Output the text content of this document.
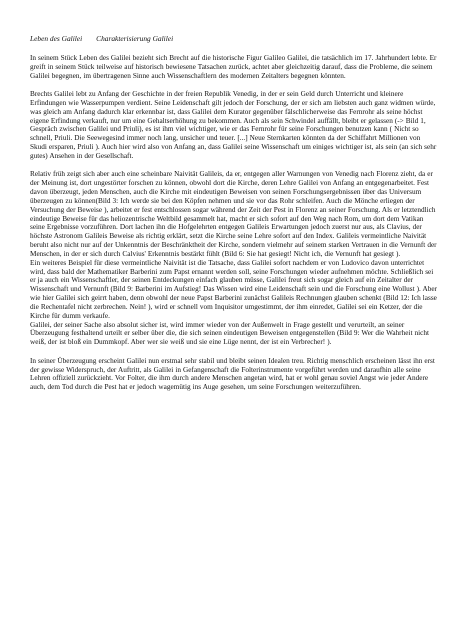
Leben des Galilei Charakterisierung Galilei

In seinem Stück Leben des Galilei bezieht sich Brecht auf die historische Figur Galileo Galilei, die tatsächlich im 17. Jahrhundert lebte. Er greift in seinem Stück teilweise auf historisch bewiesene Tatsachen zurück, achtet aber gleichzeitig darauf, dass die Probleme, die seinem Galilei begegnen, im übertragenen Sinne auch Wissenschaftlern des modernen Zeitalters begegnen könnten.

Brechts Galilei lebt zu Anfang der Geschichte in der freien Republik Venedig, in der er sein Geld durch Unterricht und kleinere Erfindungen wie Wasserpumpen verdient. Seine Leidenschaft gilt jedoch der Forschung, der er sich am liebsten auch ganz widmen würde, was gleich am Anfang dadurch klar erkennbar ist, dass Galilei dem Kurator gegenüber fälschlicherweise das Fernrohr als seine höchst eigene Erfindung verkauft, nur um eine Gehaltserhöhung zu bekommen. Auch als sein Schwindel auffällt, bleibt er gelassen (-> Bild 1, Gespräch zwischen Galilei und Priuli), es ist ihm viel wichtiger, wie er das Fernrohr für seine Forschungen benutzen kann ( Nicht so schnell, Priuli. Die Seewegesind immer noch lang, unsicher und teuer. [...] Neue Sternkarten könnten da der Schiffahrt Millionen von Skudi ersparen, Priuli ). Auch hier wird also von Anfang an, dass Galilei seine Wissenschaft um einiges wichtiger ist, als sein (an sich sehr gutes) Ansehen in der Gesellschaft.

Relativ früh zeigt sich aber auch eine scheinbare Naivität Galileis, da er, entgegen aller Warnungen von Venedig nach Florenz zieht, da er der Meinung ist, dort ungestörter forschen zu können, obwohl dort die Kirche, deren Lehre Galilei von Anfang an entgegenarbeitet. Fest davon überzeugt, jeden Menschen, auch die Kirche mit eindeutigen Beweisen von seinen Forschungsergebnissen über das Universum überzeugen zu können(Bild 3: Ich werde sie bei den Köpfen nehmen und sie vor das Rohr schleifen. Auch die Mönche erliegen der Versuchung der Beweise ), arbeitet er fest entschlossen sogar während der Zeit der Pest in Florenz an seiner Forschung. Als er letztendlich eindeutige Beweise für das heliozentrische Weltbild gesammelt hat, macht er sich sofort auf den Weg nach Rom, um dort dem Vatikan seine Ergebnisse vorzuführen. Dort lachen ihn die Hofgelehrten entgegen Galileis Erwartungen jedoch zuerst nur aus, als Clavius, der höchste Astronom Galileis Beweise als richtig erklärt, setzt die Kirche seine Lehre sofort auf den Index. Galileis vermeintliche Naivität beruht also nicht nur auf der Unkenntnis der Beschränktheit der Kirche, sondern vielmehr auf seinem starken Vertrauen in die Vernunft der Menschen, in der er sich durch Calvius' Erkenntnis bestärkt fühlt (Bild 6: Sie hat gesiegt! Nicht ich, die Vernunft hat gesiegt ).

Ein weiteres Beispiel für diese vermeintliche Naivität ist die Tatsache, dass Galilei sofort nachdem er von Ludovico davon unterrichtet wird, dass bald der Mathematiker Barberini zum Papst ernannt werden soll, seine Forschungen wieder aufnehmen möchte. Schließlich sei er ja auch ein Wissenschaftler, der seinen Entdeckungen einfach glauben müsse, Galilei freut sich sogar gleich auf ein Zeitalter der Wissenschaft und Vernunft (Bild 9: Barberini im Aufstieg! Das Wissen wird eine Leidenschaft sein und die Forschung eine Wollust ). Aber wie hier Galilei sich geirrt haben, denn obwohl der neue Papst Barberini zunächst Galileis Rechnungen glauben schenkt (Bild 12: Ich lasse die Rechentafel nicht zerbrechen. Nein! ), wird er schnell vom Inquisitor umgestimmt, der ihm einredet, Galilei sei ein Ketzer, der die Kirche für dumm verkaufe.

Galilei, der seiner Sache also absolut sicher ist, wird immer wieder von der Außenwelt in Frage gestellt und verurteilt, an seiner Überzeugung festhaltend urteilt er selber über die, die sich seinen eindeutigen Beweisen entgegenstellen (Bild 9: Wer die Wahrheit nicht weiß, der ist bloß ein Dummkopf. Aber wer sie weiß und sie eine Lüge nennt, der ist ein Verbrecher! ).

In seiner Überzeugung erscheint Galilei nun erstmal sehr stabil und bleibt seinen Idealen treu. Richtig menschlich erscheinen lässt ihn erst der gewisse Widerspruch, der Auftritt, als Galilei in Gefangenschaft die Folterinstrumente vorgeführt werden und daraufhin alle seine Lehren offiziell zurückzieht. Vor Folter, die ihm durch andere Menschen angetan wird, hat er wohl genau soviel Angst wie jeder Andere auch, dem Tod durch die Pest hat er jedoch wagemütig ins Auge gesehen, um seine Forschungen weiterzuführen.
